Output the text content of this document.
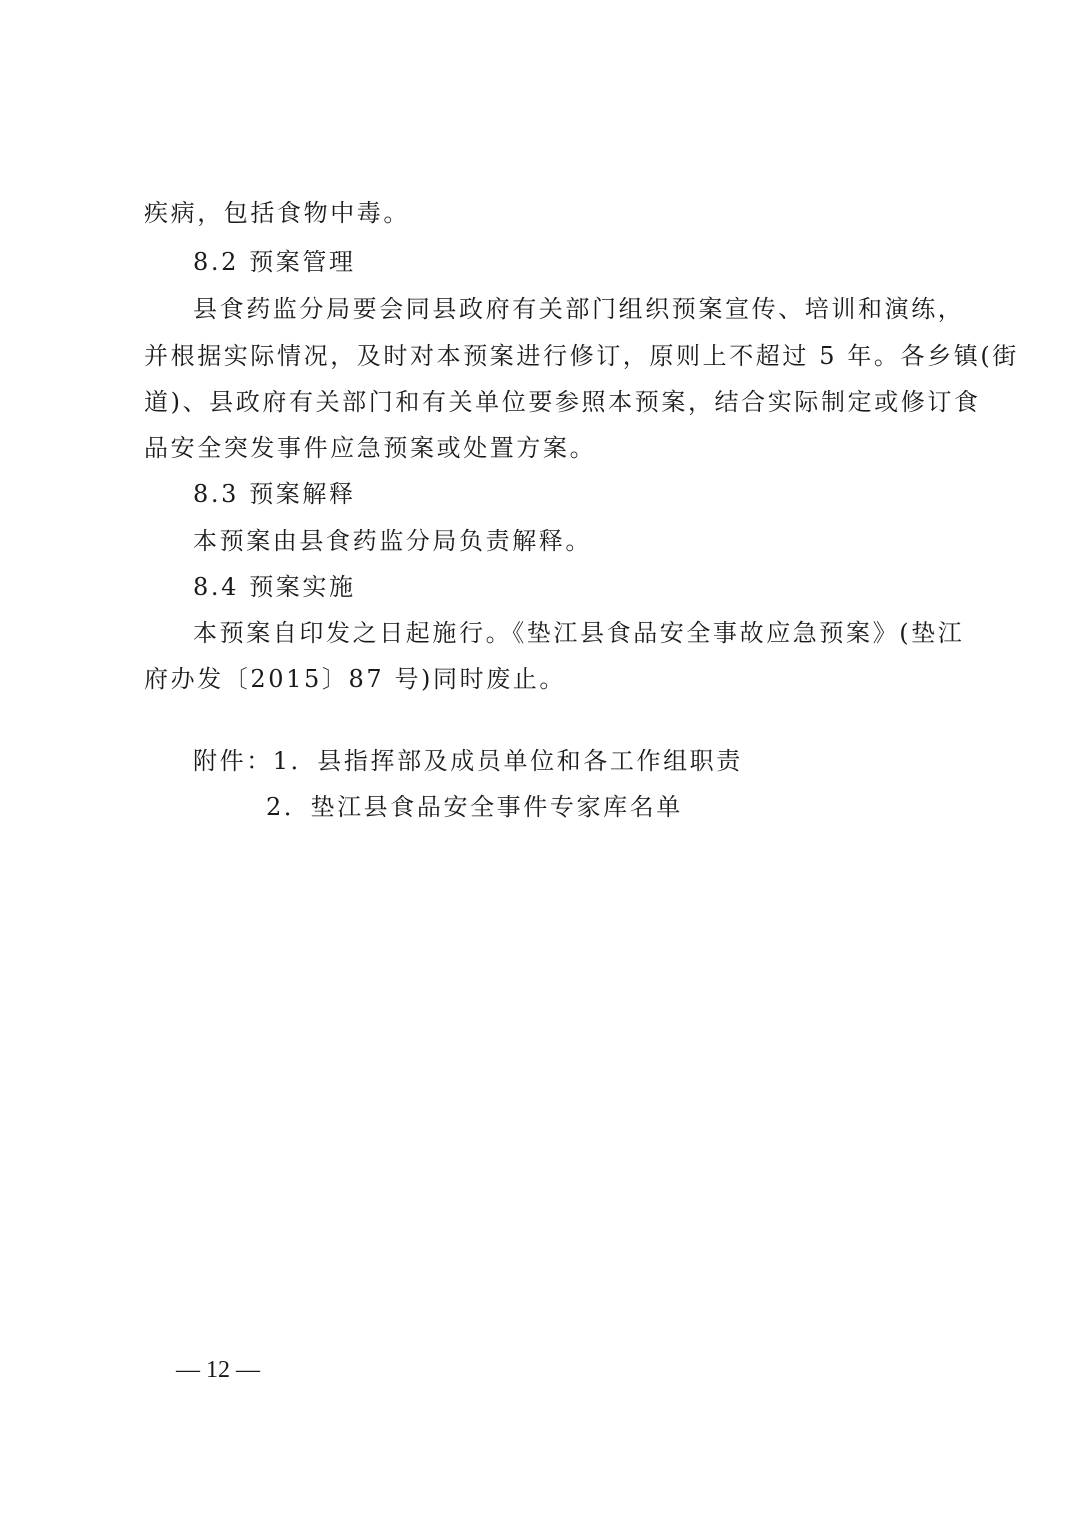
疾病，包括食物中毒。
8.2 预案管理
县食药监分局要会同县政府有关部门组织预案宣传、培训和演练，
并根据实际情况，及时对本预案进行修订，原则上不超过 5 年。各乡镇(街
道)、县政府有关部门和有关单位要参照本预案，结合实际制定或修订食
品安全突发事件应急预案或处置方案。
8.3 预案解释
本预案由县食药监分局负责解释。
8.4 预案实施
本预案自印发之日起施行。《垫江县食品安全事故应急预案》(垫江
府办发〔2015〕87 号)同时废止。
附件：1．县指挥部及成员单位和各工作组职责
2．垫江县食品安全事件专家库名单
— 12 —
